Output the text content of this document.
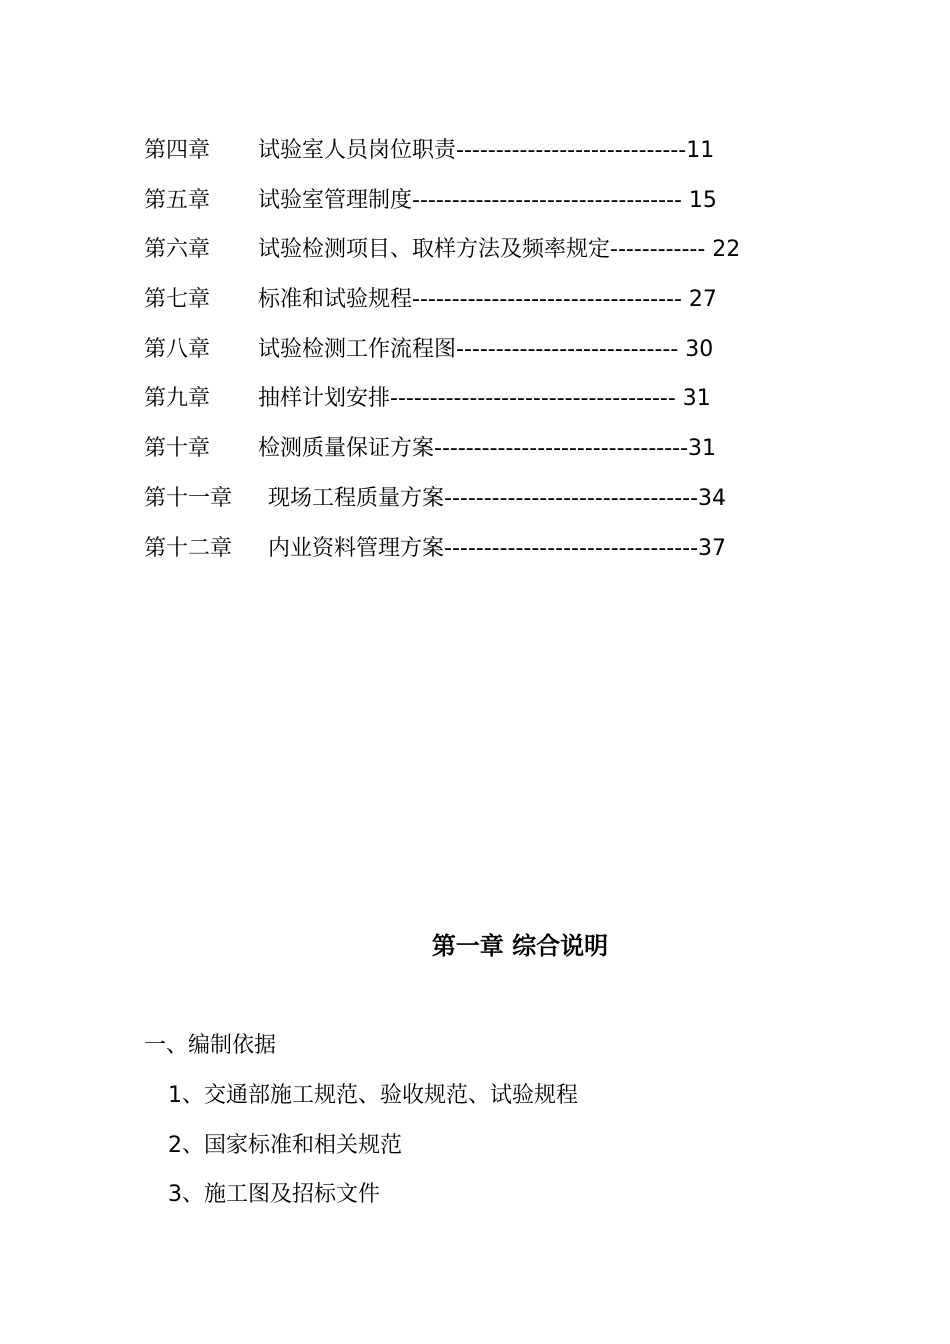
第四章	试验室人员岗位职责-----------------------------11
第五章	试验室管理制度---------------------------------- 15
第六章	试验检测项目、取样方法及频率规定------------ 22
第七章	标准和试验规程---------------------------------- 27
第八章	试验检测工作流程图---------------------------- 30
第九章	抽样计划安排------------------------------------ 31
第十章	检测质量保证方案--------------------------------31
第十一章	现场工程质量方案--------------------------------34
第十二章	内业资料管理方案--------------------------------37
第一章 综合说明

一、编制依据

1、交通部施工规范、验收规范、试验规程

2、国家标准和相关规范

3、施工图及招标文件
